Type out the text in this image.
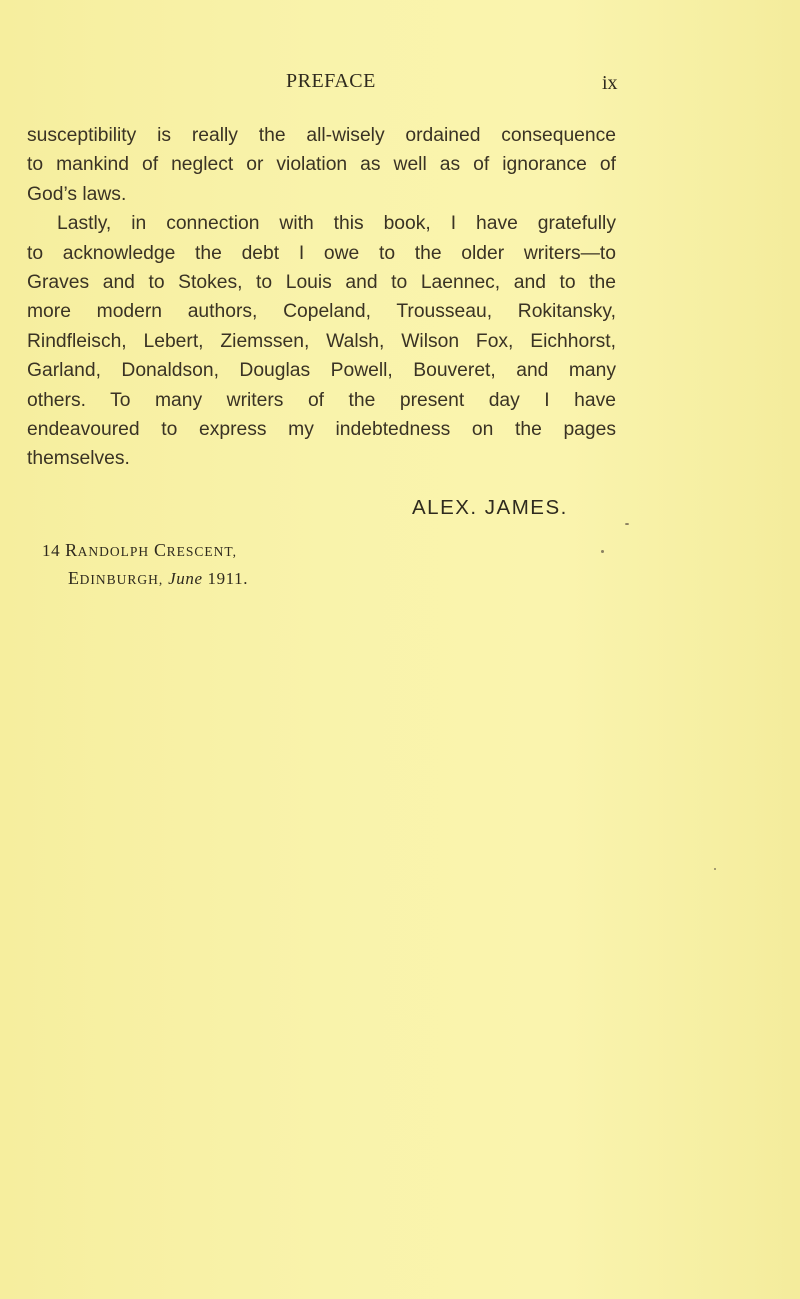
PREFACE	ix

susceptibility is really the all-wisely ordained consequence
to mankind of neglect or violation as well as of ignorance of
God’s laws.

Lastly, in connection with this book, I have gratefully
to acknowledge the debt I owe to the older writers—to
Graves and to Stokes, to Louis and to Laennec, and to the
more modern authors, Copeland, Trousseau, Rokitansky,
Rindfleisch, Lebert, Ziemssen, Walsh, Wilson Fox, Eichhorst,
Garland, Donaldson, Douglas Powell, Bouveret, and many
others. To many writers of the present day I have
endeavoured to express my indebtedness on the pages
themselves.

ALEX. JAMES.
14 RANDOLPH CRESCENT,
EDINBURGH, June 1911.
